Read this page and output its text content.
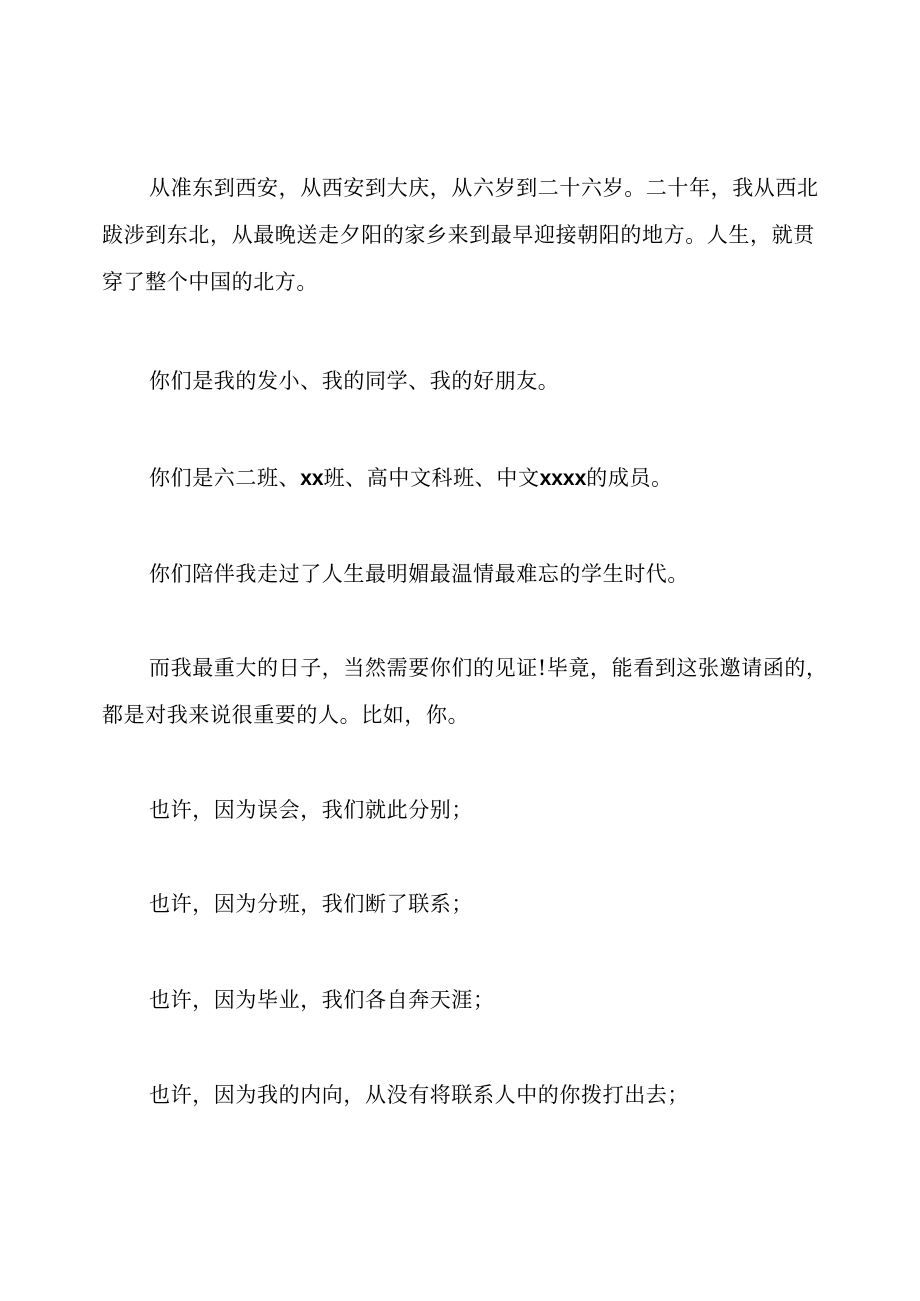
从准东到西安，从西安到大庆，从六岁到二十六岁。二十年，我从西北跋涉到东北，从最晚送走夕阳的家乡来到最早迎接朝阳的地方。人生，就贯穿了整个中国的北方。

你们是我的发小、我的同学、我的好朋友。

你们是六二班、xx班、高中文科班、中文xxxx的成员。

你们陪伴我走过了人生最明媚最温情最难忘的学生时代。

而我最重大的日子，当然需要你们的见证!毕竟，能看到这张邀请函的，都是对我来说很重要的人。比如，你。

也许，因为误会，我们就此分别；

也许，因为分班，我们断了联系；

也许，因为毕业，我们各自奔天涯；

也许，因为我的内向，从没有将联系人中的你拨打出去；
